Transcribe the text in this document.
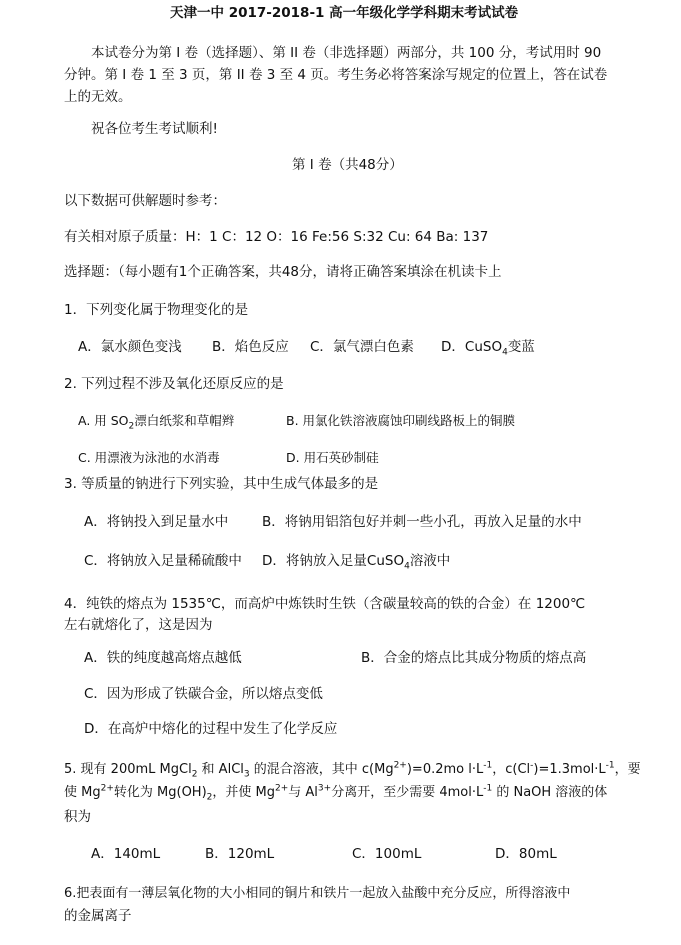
天津一中 2017-2018-1 高一年级化学学科期末考试试卷
本试卷分为第 I 卷（选择题）、第 II 卷（非选择题）两部分，共 100 分，考试用时 90
分钟。第 I 卷 1 至 3 页，第 II 卷 3 至 4 页。考生务必将答案涂写规定的位置上，答在试卷
上的无效。
祝各位考生考试顺利!
第 I 卷（共48分）
以下数据可供解题时参考：
有关相对原子质量：H：1 C：12 O：16 Fe:56 S:32 Cu: 64 Ba: 137
选择题：（每小题有1个正确答案，共48分，请将正确答案填涂在机读卡上
1．下列变化属于物理变化的是
A．氯水颜色变浅 B．焰色反应 C．氯气漂白色素 D．CuSO$_4$变蓝
2. 下列过程不涉及氧化还原反应的是
A. 用 $SO_2$漂白纸浆和草帽辫	B. 用氯化铁溶液腐蚀印刷线路板上的铜膜
C. 用漂液为泳池的水消毒	D. 用石英砂制硅
3. 等质量的钠进行下列实验，其中生成气体最多的是
A．将钠投入到足量水中	B．将钠用铝箔包好并刺一些小孔，再放入足量的水中
C．将钠放入足量稀硫酸中 D．将钠放入足量CuSO$_4$溶液中
4．纯铁的熔点为 1535℃，而高炉中炼铁时生铁（含碳量较高的铁的合金）在 1200℃
左右就熔化了，这是因为
A．铁的纯度越高熔点越低	B．合金的熔点比其成分物质的熔点高
C．因为形成了铁碳合金，所以熔点变低
D．在高炉中熔化的过程中发生了化学反应
5. 现有 200mL MgCl$_2$ 和 AlCl$_3$ 的混合溶液，其中 $c(Mg^{2+})=0.2mo$ $l\cdot L^{-1}$，$c(Cl^-)=1.3mol\cdot L^{-1}$，要
使 $Mg^{2+}$转化为 $Mg(OH)_2$，并使 $Mg^{2+}$与 $Al^{3+}$分离开，至少需要 $4mol\cdot L^{-1}$ 的 NaOH 溶液的体
积为
A．140mL	B．120mL	C．100mL	D．80mL
6.把表面有一薄层氧化物的大小相同的铜片和铁片一起放入盐酸中充分反应，所得溶液中
的金属离子
